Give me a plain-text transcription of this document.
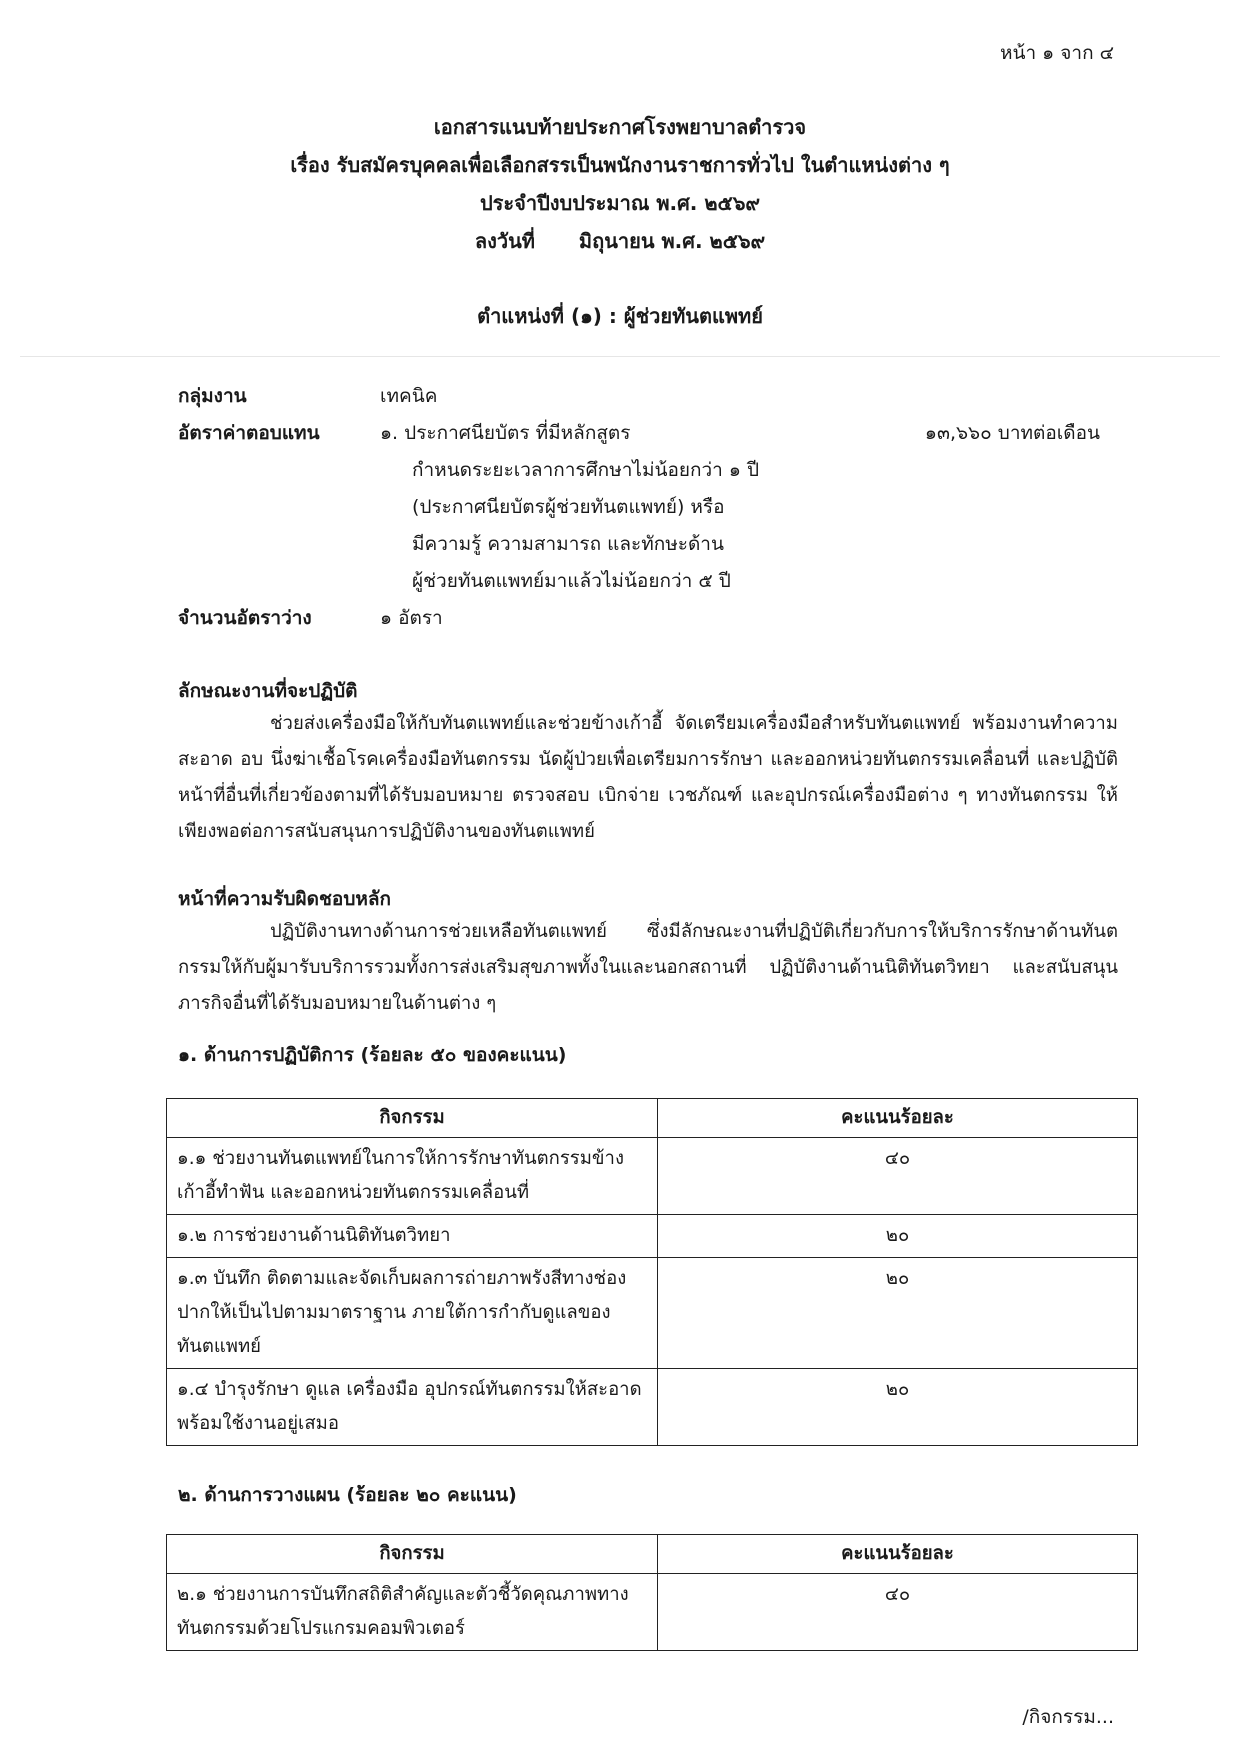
หน้า ๑ จาก ๔
เอกสารแนบท้ายประกาศโรงพยาบาลตำรวจ
เรื่อง รับสมัครบุคคลเพื่อเลือกสรรเป็นพนักงานราชการทั่วไป ในตำแหน่งต่าง ๆ
ประจำปีงบประมาณ พ.ศ. ๒๕๖๙
ลงวันที่ มิถุนายน พ.ศ. ๒๕๖๙
ตำแหน่งที่ (๑) : ผู้ช่วยทันตแพทย์
กลุ่มงาน	เทคนิค
อัตราค่าตอบแทน	๑. ประกาศนียบัตร ที่มีหลักสูตร	๑๓,๖๖๐ บาทต่อเดือน
กำหนดระยะเวลาการศึกษาไม่น้อยกว่า ๑ ปี
(ประกาศนียบัตรผู้ช่วยทันตแพทย์) หรือ
มีความรู้ ความสามารถ และทักษะด้าน
ผู้ช่วยทันตแพทย์มาแล้วไม่น้อยกว่า ๕ ปี
จำนวนอัตราว่าง	๑ อัตรา
ลักษณะงานที่จะปฏิบัติ
ช่วยส่งเครื่องมือให้กับทันตแพทย์และช่วยข้างเก้าอี้ จัดเตรียมเครื่องมือสำหรับทันตแพทย์ พร้อมงานทำความสะอาด อบ นึ่งฆ่าเชื้อโรคเครื่องมือทันตกรรม นัดผู้ป่วยเพื่อเตรียมการรักษา และออกหน่วยทันตกรรมเคลื่อนที่ และปฏิบัติหน้าที่อื่นที่เกี่ยวข้องตามที่ได้รับมอบหมาย ตรวจสอบ เบิกจ่าย เวชภัณฑ์ และอุปกรณ์เครื่องมือต่าง ๆ ทางทันตกรรม ให้เพียงพอต่อการสนับสนุนการปฏิบัติงานของทันตแพทย์
หน้าที่ความรับผิดชอบหลัก
ปฏิบัติงานทางด้านการช่วยเหลือทันตแพทย์ ซึ่งมีลักษณะงานที่ปฏิบัติเกี่ยวกับการให้บริการรักษาด้านทันตกรรมให้กับผู้มารับบริการรวมทั้งการส่งเสริมสุขภาพทั้งในและนอกสถานที่ ปฏิบัติงานด้านนิติทันตวิทยา และสนับสนุนภารกิจอื่นที่ได้รับมอบหมายในด้านต่าง ๆ
๑. ด้านการปฏิบัติการ (ร้อยละ ๕๐ ของคะแนน)
กิจกรรม	คะแนนร้อยละ
๑.๑ ช่วยงานทันตแพทย์ในการให้การรักษาทันตกรรมข้างเก้าอี้ทำฟัน และออกหน่วยทันตกรรมเคลื่อนที่	๔๐
๑.๒ การช่วยงานด้านนิติทันตวิทยา	๒๐
๑.๓ บันทึก ติดตามและจัดเก็บผลการถ่ายภาพรังสีทางช่องปากให้เป็นไปตามมาตราฐาน ภายใต้การกำกับดูแลของทันตแพทย์	๒๐
๑.๔ บำรุงรักษา ดูแล เครื่องมือ อุปกรณ์ทันตกรรมให้สะอาดพร้อมใช้งานอยู่เสมอ	๒๐
๒. ด้านการวางแผน (ร้อยละ ๒๐ คะแนน)
กิจกรรม	คะแนนร้อยละ
๒.๑ ช่วยงานการบันทึกสถิติสำคัญและตัวชี้วัดคุณภาพทางทันตกรรมด้วยโปรแกรมคอมพิวเตอร์	๔๐
/กิจกรรม...
